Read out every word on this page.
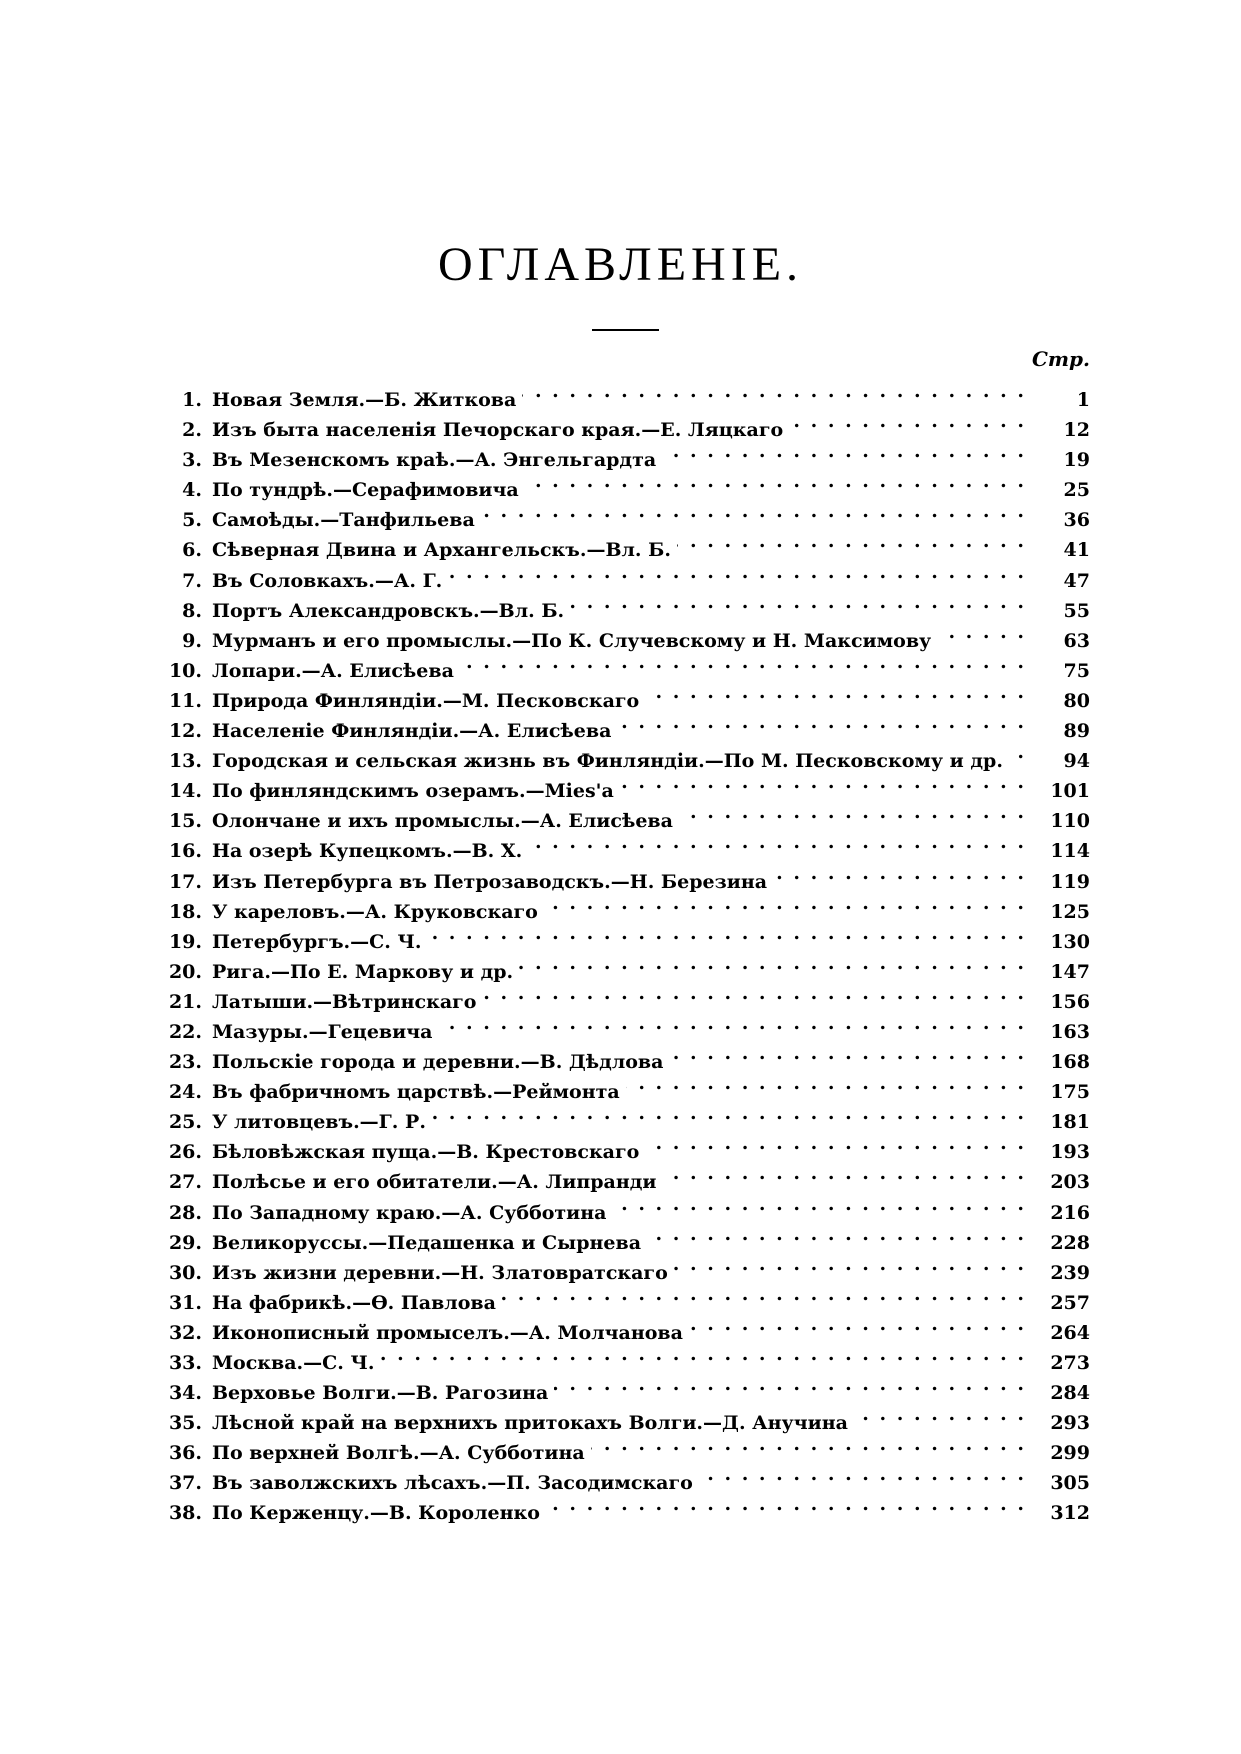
ОГЛАВЛЕНІЕ.
Стр.
1. Новая Земля.—Б. Житкова . . .	1
2. Изъ быта населенія Печорскаго края.—Е. Ляцкаго . . .	12
3. Въ Мезенскомъ краѣ.—А. Энгельгардта . . .	19
4. По тундрѣ.—Серафимовича . . .	25
5. Самоѣды.—Танфильева . . .	36
6. Сѣверная Двина и Архангельскъ.—Вл. Б. . . .	41
7. Въ Соловкахъ.—А. Г. . . .	47
8. Портъ Александровскъ.—Вл. Б. . . .	55
9. Мурманъ и его промыслы.—По К. Случевскому и Н. Максимову . . .	63
10. Лопари.—А. Елисѣева . . .	75
11. Природа Финляндіи.—М. Песковскаго . . .	80
12. Населеніе Финляндіи.—А. Елисѣева . . .	89
13. Городская и сельская жизнь въ Финляндіи.—По М. Песковскому и др. . . .	94
14. По финляндскимъ озерамъ.—Mies'a . . .	101
15. Олончане и ихъ промыслы.—А. Елисѣева . . .	110
16. На озерѣ Купецкомъ.—В. Х. . . .	114
17. Изъ Петербурга въ Петрозаводскъ.—Н. Березина . . .	119
18. У кареловъ.—А. Круковскаго . . .	125
19. Петербургъ.—С. Ч. . . .	130
20. Рига.—По Е. Маркову и др. . . .	147
21. Латыши.—Вѣтринскаго . . .	156
22. Мазуры.—Гецевича . . .	163
23. Польскіе города и деревни.—В. Дѣдлова . . .	168
24. Въ фабричномъ царствѣ.—Реймонта . . .	175
25. У литовцевъ.—Г. Р. . . .	181
26. Бѣловѣжская пуща.—В. Крестовскаго . . .	193
27. Полѣсье и его обитатели.—А. Липранди . . .	203
28. По Западному краю.—А. Субботина . . .	216
29. Великоруссы.—Педашенка и Сырнева . . .	228
30. Изъ жизни деревни.—Н. Златовратскаго . . .	239
31. На фабрикѣ.—Ѳ. Павлова . . .	257
32. Иконописный промыселъ.—А. Молчанова . . .	264
33. Москва.—С. Ч. . . .	273
34. Верховье Волги.—В. Рагозина . . .	284
35. Лѣсной край на верхнихъ притокахъ Волги.—Д. Анучина . . .	293
36. По верхней Волгѣ.—А. Субботина . . .	299
37. Въ заволжскихъ лѣсахъ.—П. Засодимскаго . . .	305
38. По Керженцу.—В. Короленко . . .	312
